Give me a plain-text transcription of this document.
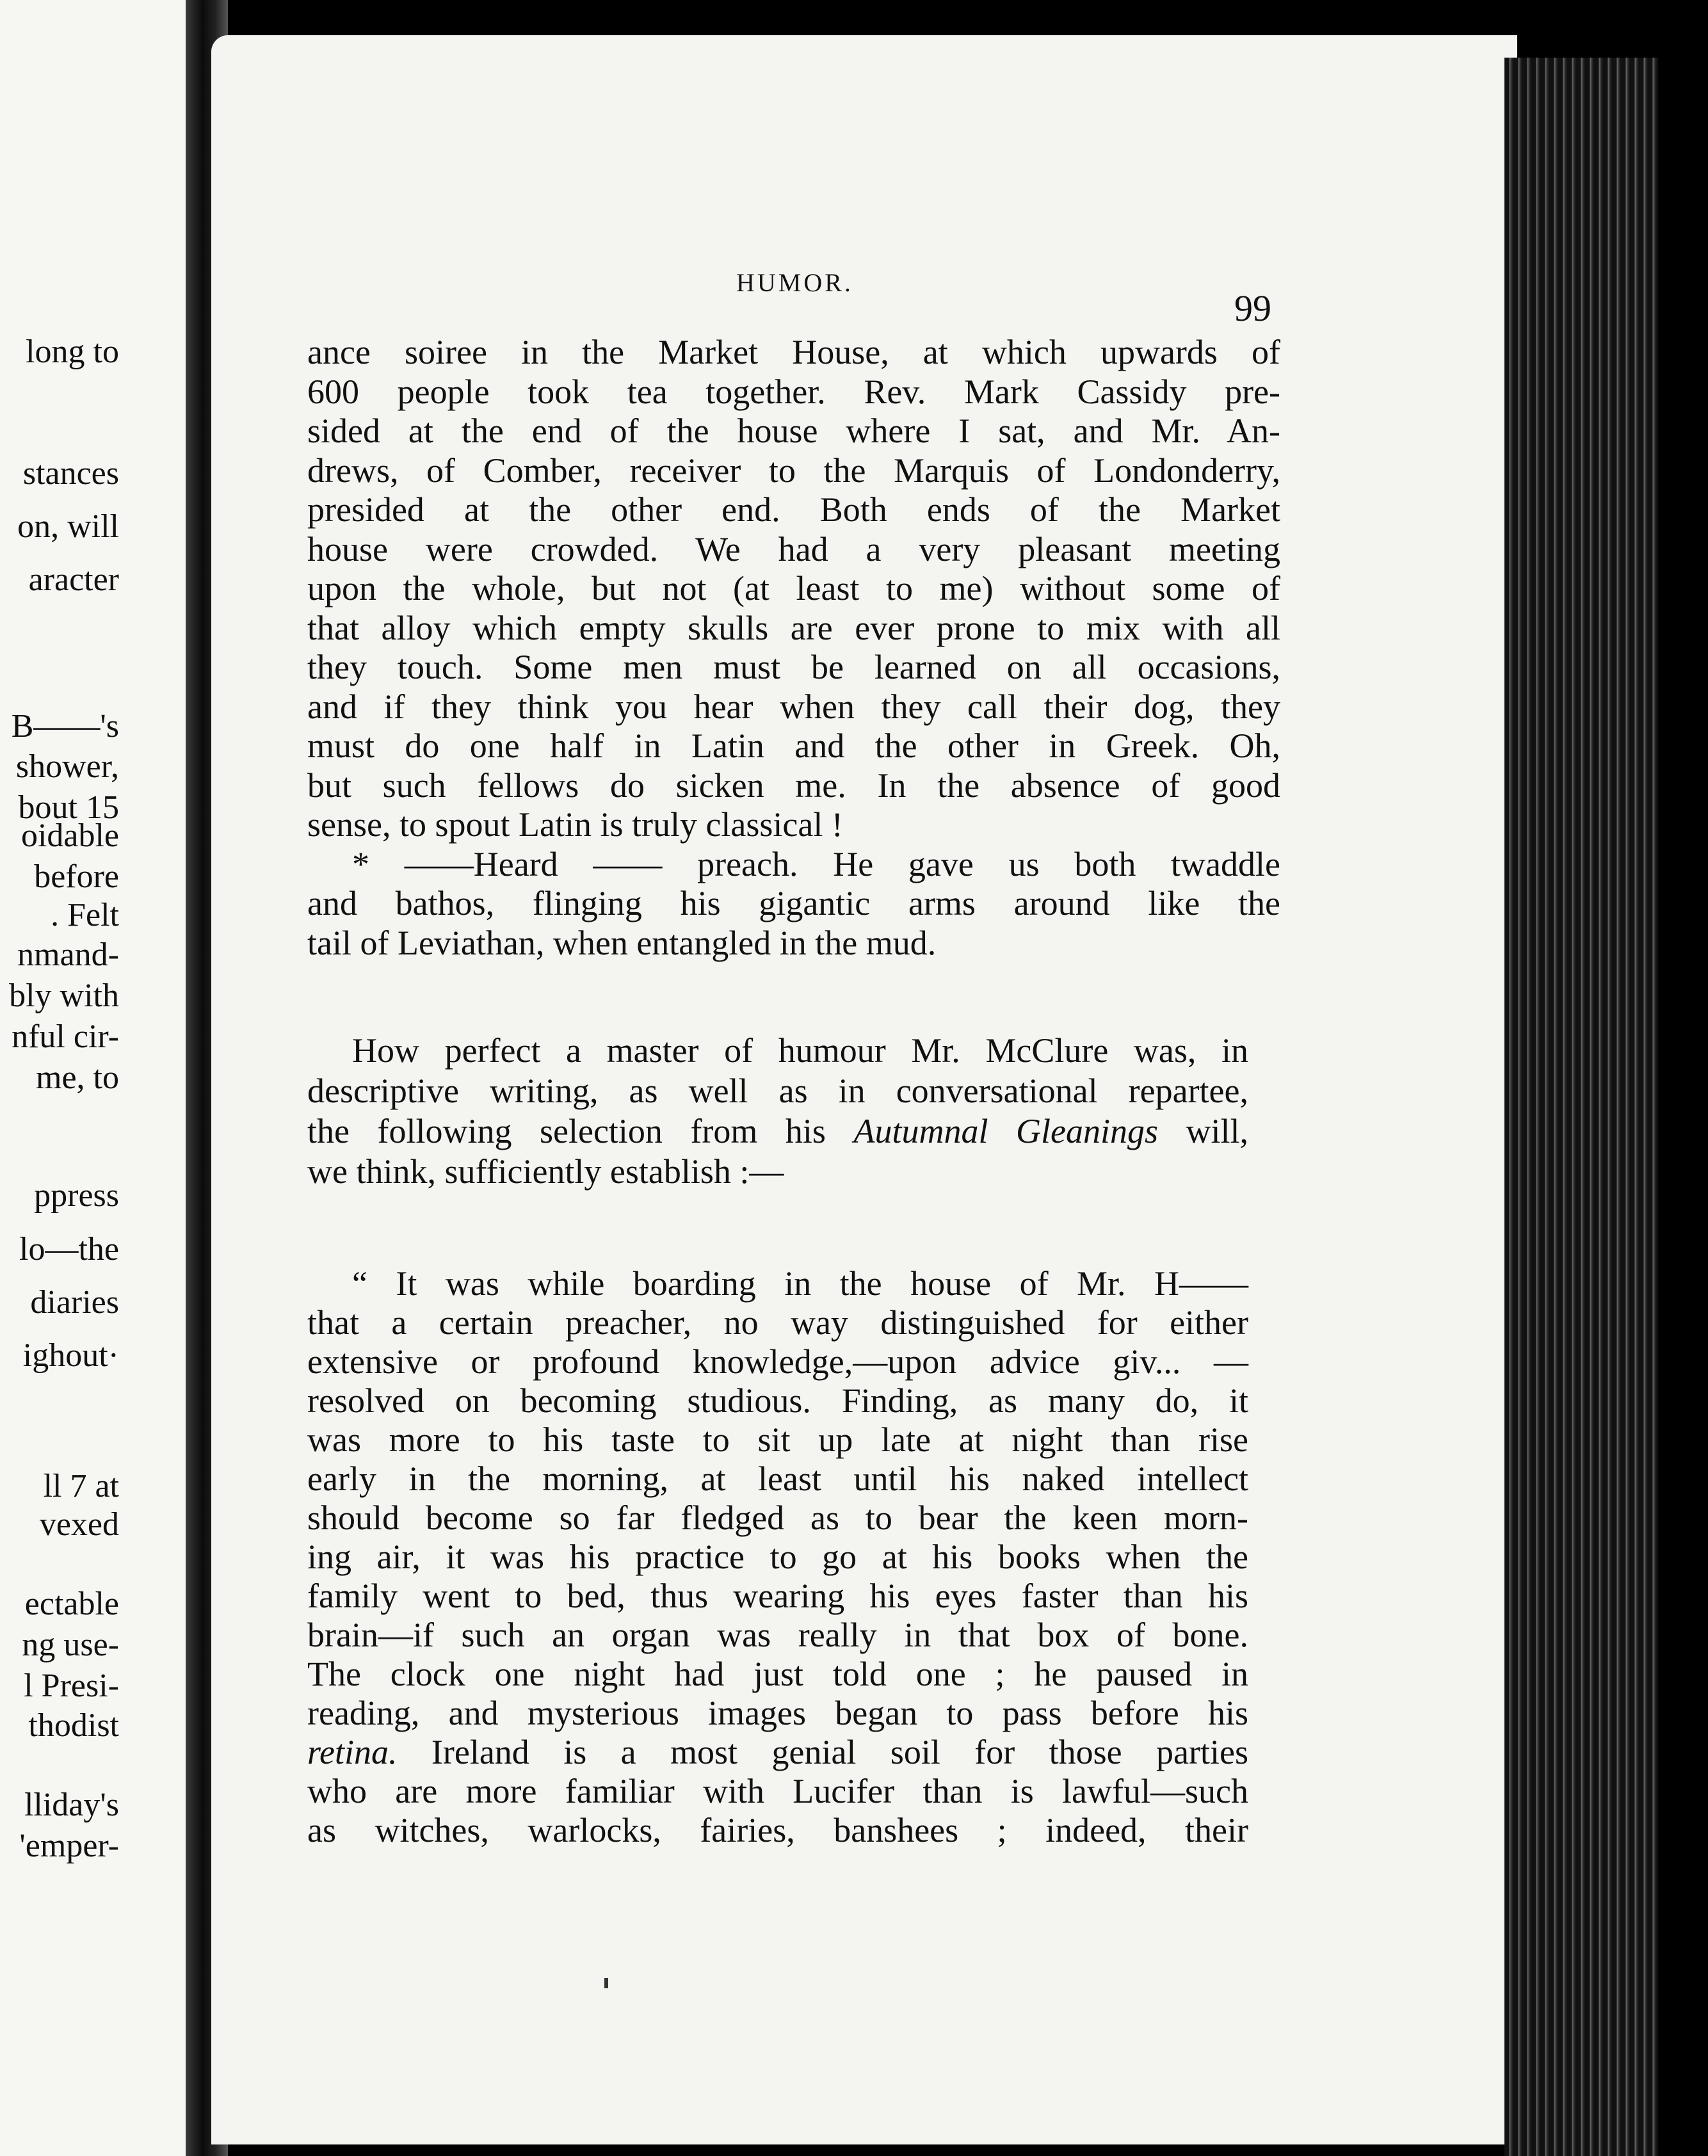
long to
stances
on, will
aracter
B——'s
shower,
bout 15
oidable
before
. Felt
nmand-
bly with
nful cir-
me, to
ppress
lo—the
diaries
ighout·
ll 7 at
vexed
ectable
ng use-
l Presi-
thodist
lliday's
'emper-
HUMOR.
99
ance soiree in the Market House, at which upwards of
600 people took tea together. Rev. Mark Cassidy pre-
sided at the end of the house where I sat, and Mr. An-
drews, of Comber, receiver to the Marquis of Londonderry,
presided at the other end. Both ends of the Market
house were crowded. We had a very pleasant meeting
upon the whole, but not (at least to me) without some of
that alloy which empty skulls are ever prone to mix with all
they touch. Some men must be learned on all occasions,
and if they think you hear when they call their dog, they
must do one half in Latin and the other in Greek. Oh,
but such fellows do sicken me. In the absence of good
sense, to spout Latin is truly classical !
* ——Heard —— preach. He gave us both twaddle
and bathos, flinging his gigantic arms around like the
tail of Leviathan, when entangled in the mud.
How perfect a master of humour Mr. McClure was, in
descriptive writing, as well as in conversational repartee,
the following selection from his Autumnal Gleanings will,
we think, sufficiently establish :—
“ It was while boarding in the house of Mr. H——
that a certain preacher, no way distinguished for either
extensive or profound knowledge,—upon advice giv... —
resolved on becoming studious. Finding, as many do, it
was more to his taste to sit up late at night than rise
early in the morning, at least until his naked intellect
should become so far fledged as to bear the keen morn-
ing air, it was his practice to go at his books when the
family went to bed, thus wearing his eyes faster than his
brain—if such an organ was really in that box of bone.
The clock one night had just told one ; he paused in
reading, and mysterious images began to pass before his
retina. Ireland is a most genial soil for those parties
who are more familiar with Lucifer than is lawful—such
as witches, warlocks, fairies, banshees ; indeed, their
